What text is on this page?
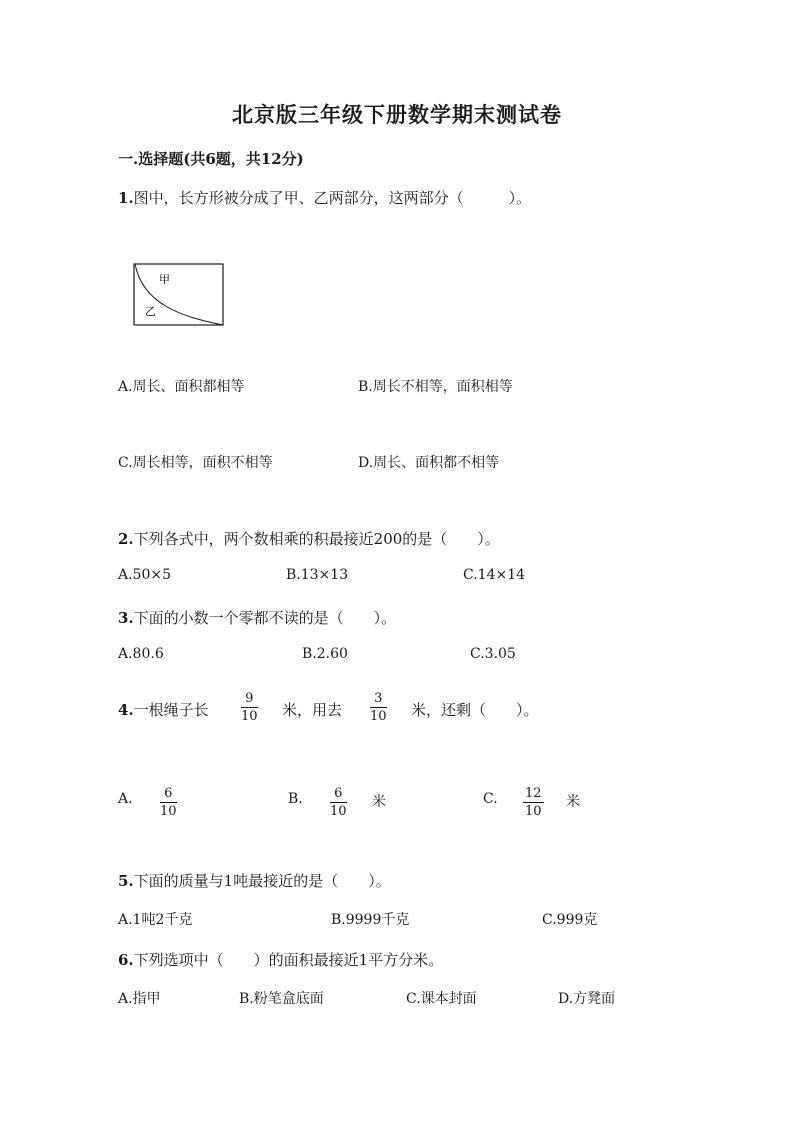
北京版三年级下册数学期末测试卷
一.选择题(共6题，共12分)
1.图中，长方形被分成了甲、乙两部分，这两部分（　　　）。
甲
乙
A.周长、面积都相等	B.周长不相等，面积相等
C.周长相等，面积不相等	D.周长、面积都不相等
2.下列各式中，两个数相乘的积最接近200的是（　　）。
A.50×5	B.13×13	C.14×14
3.下面的小数一个零都不读的是（　　）。
A.80.6	B.2.60	C.3.05
4.一根绳子长
9
10 米，用去
3
10 米，还剩（　　）。
A. 6
10
B. 6
10
米	C. 12
10
米
5.下面的质量与1吨最接近的是（　　）。
A.1吨2千克	B.9999千克	C.999克
6.下列选项中（　　）的面积最接近1平方分米。
A.指甲	B.粉笔盒底面	C.课本封面	D.方凳面
